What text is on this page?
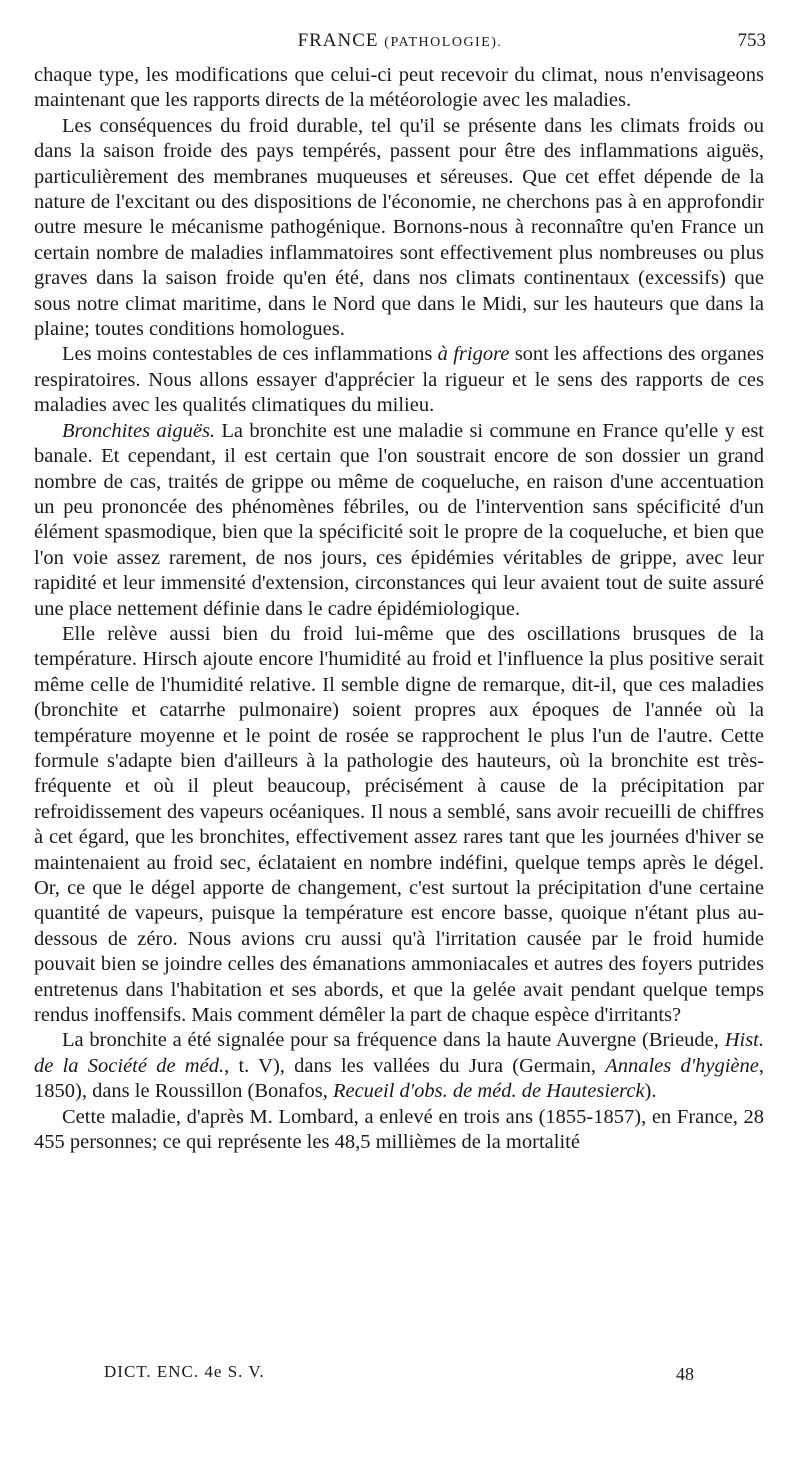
FRANCE (PATHOLOGIE).	753

chaque type, les modifications que celui-ci peut recevoir du climat, nous n'envisageons maintenant que les rapports directs de la météorologie avec les maladies.

Les conséquences du froid durable, tel qu'il se présente dans les climats froids ou dans la saison froide des pays tempérés, passent pour être des inflammations aiguës, particulièrement des membranes muqueuses et séreuses. Que cet effet dépende de la nature de l'excitant ou des dispositions de l'économie, ne cherchons pas à en approfondir outre mesure le mécanisme pathogénique. Bornons-nous à reconnaître qu'en France un certain nombre de maladies inflammatoires sont effectivement plus nombreuses ou plus graves dans la saison froide qu'en été, dans nos climats continentaux (excessifs) que sous notre climat maritime, dans le Nord que dans le Midi, sur les hauteurs que dans la plaine; toutes conditions homologues.

Les moins contestables de ces inflammations à frigore sont les affections des organes respiratoires. Nous allons essayer d'apprécier la rigueur et le sens des rapports de ces maladies avec les qualités climatiques du milieu.

Bronchites aiguës. La bronchite est une maladie si commune en France qu'elle y est banale. Et cependant, il est certain que l'on soustrait encore de son dossier un grand nombre de cas, traités de grippe ou même de coqueluche, en raison d'une accentuation un peu prononcée des phénomènes fébriles, ou de l'intervention sans spécificité d'un élément spasmodique, bien que la spécificité soit le propre de la coqueluche, et bien que l'on voie assez rarement, de nos jours, ces épidémies véritables de grippe, avec leur rapidité et leur immensité d'extension, circonstances qui leur avaient tout de suite assuré une place nettement définie dans le cadre épidémiologique.

Elle relève aussi bien du froid lui-même que des oscillations brusques de la température. Hirsch ajoute encore l'humidité au froid et l'influence la plus positive serait même celle de l'humidité relative. Il semble digne de remarque, dit-il, que ces maladies (bronchite et catarrhe pulmonaire) soient propres aux époques de l'année où la température moyenne et le point de rosée se rapprochent le plus l'un de l'autre. Cette formule s'adapte bien d'ailleurs à la pathologie des hauteurs, où la bronchite est très-fréquente et où il pleut beaucoup, précisément à cause de la précipitation par refroidissement des vapeurs océaniques. Il nous a semblé, sans avoir recueilli de chiffres à cet égard, que les bronchites, effectivement assez rares tant que les journées d'hiver se maintenaient au froid sec, éclataient en nombre indéfini, quelque temps après le dégel. Or, ce que le dégel apporte de changement, c'est surtout la précipitation d'une certaine quantité de vapeurs, puisque la température est encore basse, quoique n'étant plus au-dessous de zéro. Nous avions cru aussi qu'à l'irritation causée par le froid humide pouvait bien se joindre celles des émanations ammoniacales et autres des foyers putrides entretenus dans l'habitation et ses abords, et que la gelée avait pendant quelque temps rendus inoffensifs. Mais comment démêler la part de chaque espèce d'irritants?

La bronchite a été signalée pour sa fréquence dans la haute Auvergne (Brieude, Hist. de la Société de méd., t. V), dans les vallées du Jura (Germain, Annales d'hygiène, 1850), dans le Roussillon (Bonafos, Recueil d'obs. de méd. de Hautesierck).

Cette maladie, d'après M. Lombard, a enlevé en trois ans (1855-1857), en France, 28 455 personnes; ce qui représente les 48,5 millièmes de la mortalité

DICT. ENC. 4e S. V.	48
